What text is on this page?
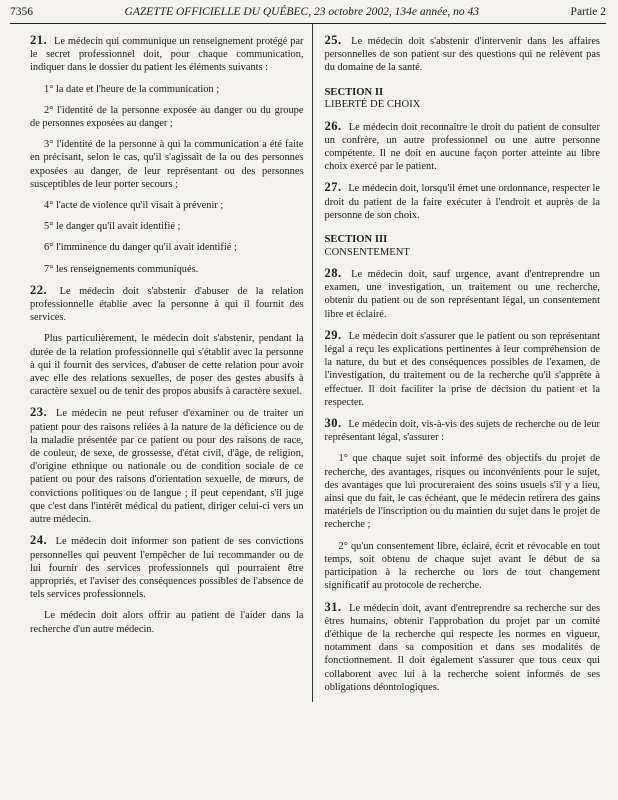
7356	GAZETTE OFFICIELLE DU QUÉBEC, 23 octobre 2002, 134e année, no 43	Partie 2

21. Le médecin qui communique un renseignement protégé par le secret professionnel doit, pour chaque communication, indiquer dans le dossier du patient les éléments suivants :

1° la date et l'heure de la communication ;

2° l'identité de la personne exposée au danger ou du groupe de personnes exposées au danger ;

3° l'identité de la personne à qui la communication a été faite en précisant, selon le cas, qu'il s'agissait de la ou des personnes exposées au danger, de leur représentant ou des personnes susceptibles de leur porter secours ;

4° l'acte de violence qu'il visait à prévenir ;

5° le danger qu'il avait identifié ;

6° l'imminence du danger qu'il avait identifié ;

7° les renseignements communiqués.

22. Le médecin doit s'abstenir d'abuser de la relation professionnelle établie avec la personne à qui il fournit des services.

Plus particulièrement, le médecin doit s'abstenir, pendant la durée de la relation professionnelle qui s'établit avec la personne à qui il fournit des services, d'abuser de cette relation pour avoir avec elle des relations sexuelles, de poser des gestes abusifs à caractère sexuel ou de tenir des propos abusifs à caractère sexuel.

23. Le médecin ne peut refuser d'examiner ou de traiter un patient pour des raisons reliées à la nature de la déficience ou de la maladie présentée par ce patient ou pour des raisons de race, de couleur, de sexe, de grossesse, d'état civil, d'âge, de religion, d'origine ethnique ou nationale ou de condition sociale de ce patient ou pour des raisons d'orientation sexuelle, de mœurs, de convictions politiques ou de langue ; il peut cependant, s'il juge que c'est dans l'intérêt médical du patient, diriger celui-ci vers un autre médecin.

24. Le médecin doit informer son patient de ses convictions personnelles qui peuvent l'empêcher de lui recommander ou de lui fournir des services professionnels qui pourraient être appropriés, et l'aviser des conséquences possibles de l'absence de tels services professionnels.

Le médecin doit alors offrir au patient de l'aider dans la recherche d'un autre médecin.

25. Le médecin doit s'abstenir d'intervenir dans les affaires personnelles de son patient sur des questions qui ne relèvent pas du domaine de la santé.

SECTION II
LIBERTÉ DE CHOIX

26. Le médecin doit reconnaître le droit du patient de consulter un confrère, un autre professionnel ou une autre personne compétente. Il ne doit en aucune façon porter atteinte au libre choix exercé par le patient.

27. Le médecin doit, lorsqu'il émet une ordonnance, respecter le droit du patient de la faire exécuter à l'endroit et auprès de la personne de son choix.

SECTION III
CONSENTEMENT

28. Le médecin doit, sauf urgence, avant d'entreprendre un examen, une investigation, un traitement ou une recherche, obtenir du patient ou de son représentant légal, un consentement libre et éclairé.

29. Le médecin doit s'assurer que le patient ou son représentant légal a reçu les explications pertinentes à leur compréhension de la nature, du but et des conséquences possibles de l'examen, de l'investigation, du traitement ou de la recherche qu'il s'apprête à effectuer. Il doit faciliter la prise de décision du patient et la respecter.

30. Le médecin doit, vis-à-vis des sujets de recherche ou de leur représentant légal, s'assurer :

1° que chaque sujet soit informé des objectifs du projet de recherche, des avantages, risques ou inconvénients pour le sujet, des avantages que lui procureraient des soins usuels s'il y a lieu, ainsi que du fait, le cas échéant, que le médecin retirera des gains matériels de l'inscription ou du maintien du sujet dans le projet de recherche ;

2° qu'un consentement libre, éclairé, écrit et révocable en tout temps, soit obtenu de chaque sujet avant le début de sa participation à la recherche ou lors de tout changement significatif au protocole de recherche.

31. Le médecin doit, avant d'entreprendre sa recherche sur des êtres humains, obtenir l'approbation du projet par un comité d'éthique de la recherche qui respecte les normes en vigueur, notamment dans sa composition et dans ses modalités de fonctionnement. Il doit également s'assurer que tous ceux qui collaborent avec lui à la recherche soient informés de ses obligations déontologiques.
